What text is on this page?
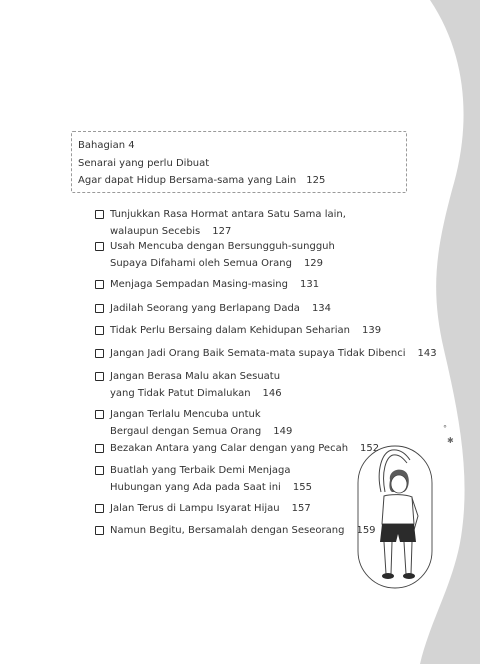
Bahagian 4
Senarai yang perlu Dibuat
Agar dapat Hidup Bersama-sama yang Lain 125
Tunjukkan Rasa Hormat antara Satu Sama lain,
walaupun Secebis 127
Usah Mencuba dengan Bersungguh-sungguh
Supaya Difahami oleh Semua Orang 129
Menjaga Sempadan Masing-masing 131
Jadilah Seorang yang Berlapang Dada 134
Tidak Perlu Bersaing dalam Kehidupan Seharian 139
Jangan Jadi Orang Baik Semata-mata supaya Tidak Dibenci 143
Jangan Berasa Malu akan Sesuatu
yang Tidak Patut Dimalukan 146
Jangan Terlalu Mencuba untuk
Bergaul dengan Semua Orang 149
Bezakan Antara yang Calar dengan yang Pecah 152
Buatlah yang Terbaik Demi Menjaga
Hubungan yang Ada pada Saat ini 155
Jalan Terus di Lampu Isyarat Hijau 157
Namun Begitu, Bersamalah dengan Seseorang 159
°
✱
